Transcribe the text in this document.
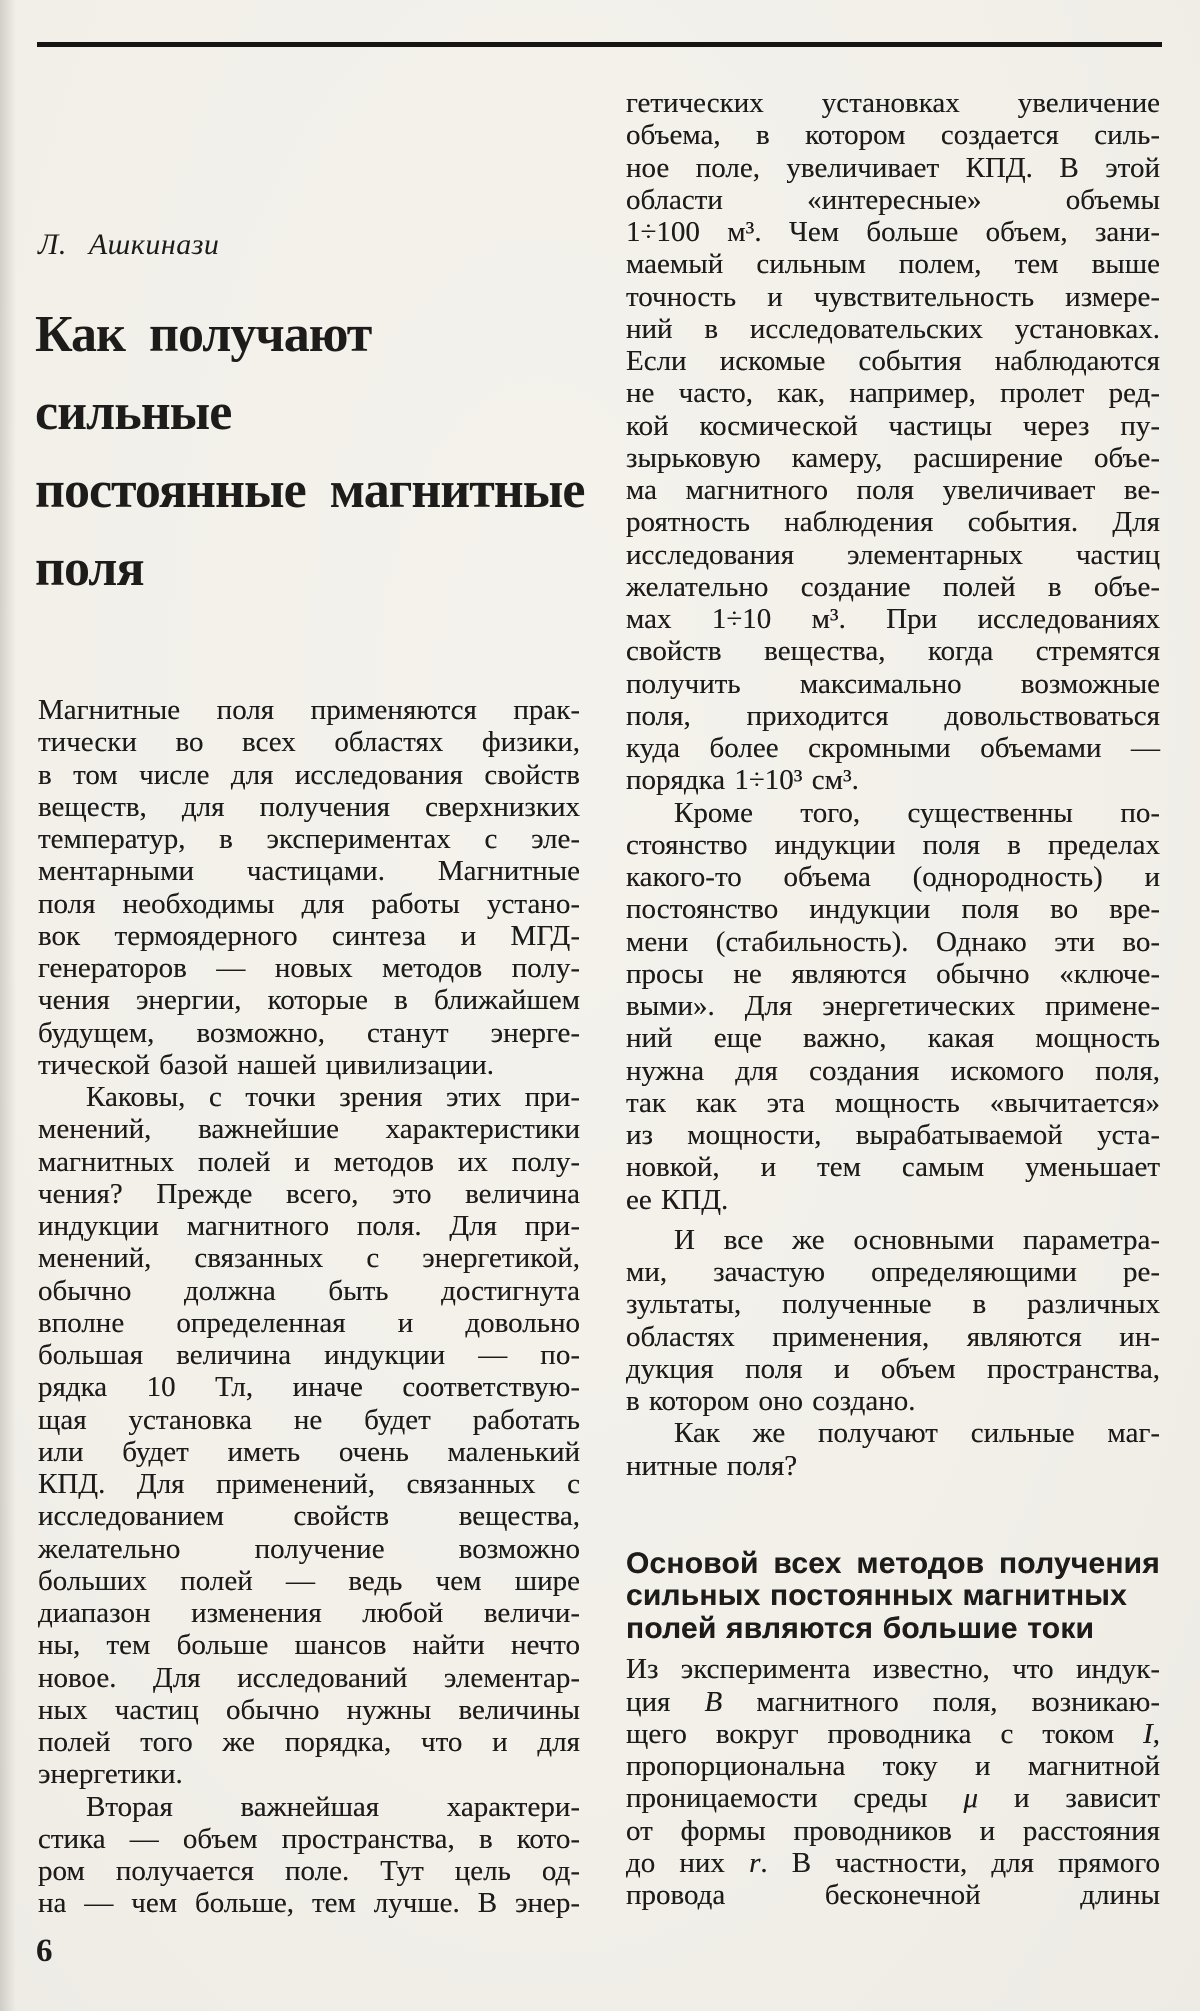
Л. Ашкинази
Как получают
сильные
постоянные магнитные
поля
Магнитные поля применяются прак-
тически во всех областях физики,
в том числе для исследования свойств
веществ, для получения сверхнизких
температур, в экспериментах с эле-
ментарными частицами. Магнитные
поля необходимы для работы устано-
вок термоядерного синтеза и МГД-
генераторов — новых методов полу-
чения энергии, которые в ближайшем
будущем, возможно, станут энерге-
тической базой нашей цивилизации.
Каковы, с точки зрения этих при-
менений, важнейшие характеристики
магнитных полей и методов их полу-
чения? Прежде всего, это величина
индукции магнитного поля. Для при-
менений, связанных с энергетикой,
обычно должна быть достигнута
вполне определенная и довольно
большая величина индукции — по-
рядка 10 Тл, иначе соответствую-
щая установка не будет работать
или будет иметь очень маленький
КПД. Для применений, связанных с
исследованием свойств вещества,
желательно получение возможно
больших полей — ведь чем шире
диапазон изменения любой величи-
ны, тем больше шансов найти нечто
новое. Для исследований элементар-
ных частиц обычно нужны величины
полей того же порядка, что и для
энергетики.
Вторая важнейшая характери-
стика — объем пространства, в кото-
ром получается поле. Тут цель од-
на — чем больше, тем лучше. В энер-
гетических установках увеличение
объема, в котором создается силь-
ное поле, увеличивает КПД. В этой
области «интересные» объемы
1÷100 м³. Чем больше объем, зани-
маемый сильным полем, тем выше
точность и чувствительность измере-
ний в исследовательских установках.
Если искомые события наблюдаются
не часто, как, например, пролет ред-
кой космической частицы через пу-
зырьковую камеру, расширение объе-
ма магнитного поля увеличивает ве-
роятность наблюдения события. Для
исследования элементарных частиц
желательно создание полей в объе-
мах 1÷10 м³. При исследованиях
свойств вещества, когда стремятся
получить максимально возможные
поля, приходится довольствоваться
куда более скромными объемами —
порядка 1÷10³ см³.
Кроме того, существенны по-
стоянство индукции поля в пределах
какого-то объема (однородность) и
постоянство индукции поля во вре-
мени (стабильность). Однако эти во-
просы не являются обычно «ключе-
выми». Для энергетических примене-
ний еще важно, какая мощность
нужна для создания искомого поля,
так как эта мощность «вычитается»
из мощности, вырабатываемой уста-
новкой, и тем самым уменьшает
ее КПД.
И все же основными параметра-
ми, зачастую определяющими ре-
зультаты, полученные в различных
областях применения, являются ин-
дукция поля и объем пространства,
в котором оно создано.
Как же получают сильные маг-
нитные поля?
Основой всех методов получения
сильных постоянных магнитных
полей являются большие токи
Из эксперимента известно, что индук-
ция B магнитного поля, возникаю-
щего вокруг проводника с током I,
пропорциональна току и магнитной
проницаемости среды μ и зависит
от формы проводников и расстояния
до них r. В частности, для прямого
провода бесконечной длины
6
